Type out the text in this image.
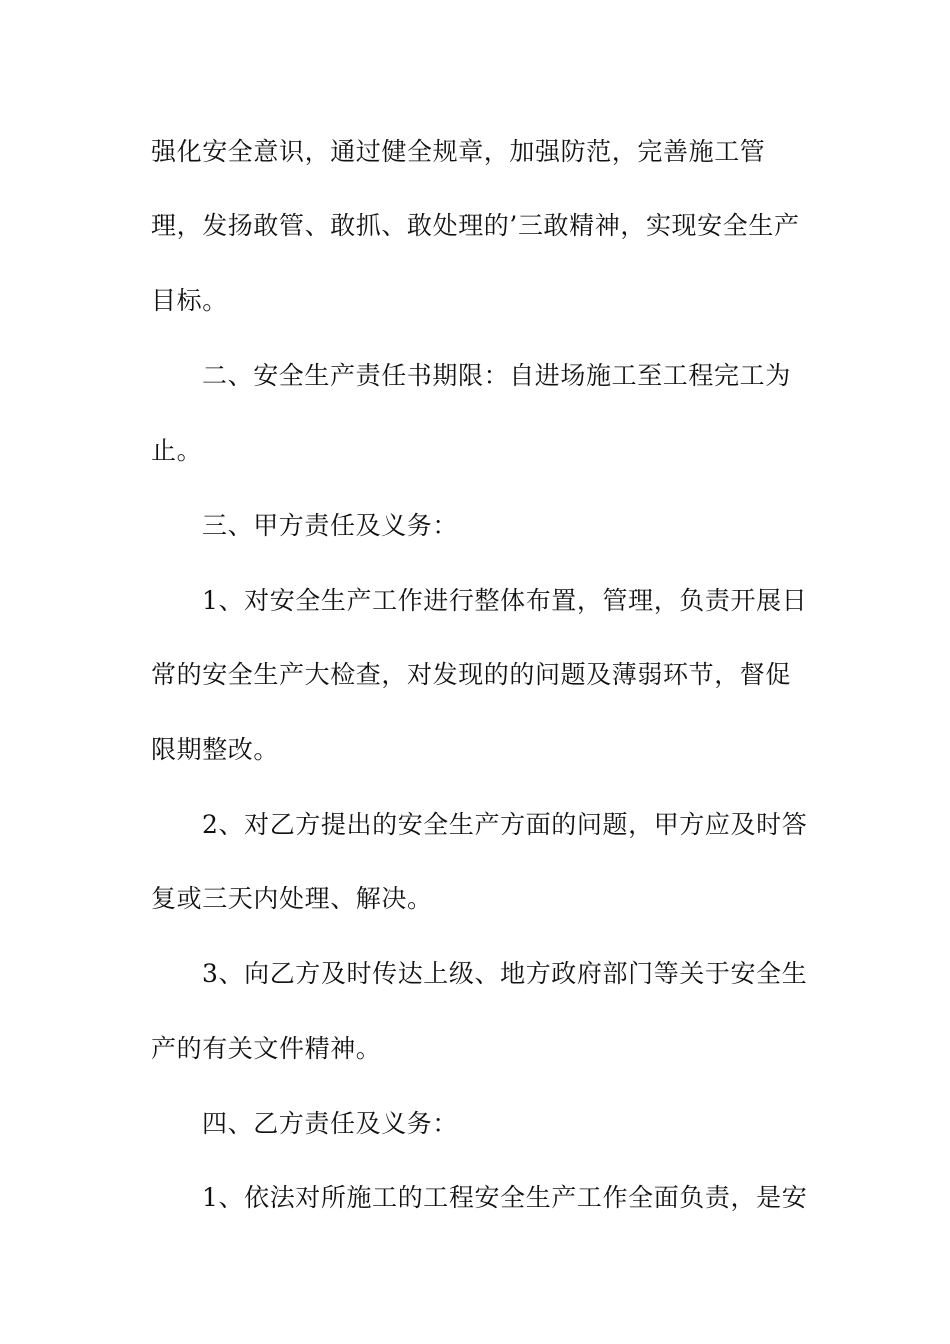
强化安全意识，通过健全规章，加强防范，完善施工管
理，发扬敢管、敢抓、敢处理的’三敢精神，实现安全生产
目标。
二、安全生产责任书期限：自进场施工至工程完工为
止。
三、甲方责任及义务：
1、对安全生产工作进行整体布置，管理，负责开展日
常的安全生产大检查，对发现的的问题及薄弱环节，督促
限期整改。
2、对乙方提出的安全生产方面的问题，甲方应及时答
复或三天内处理、解决。
3、向乙方及时传达上级、地方政府部门等关于安全生
产的有关文件精神。
四、乙方责任及义务：
1、依法对所施工的工程安全生产工作全面负责，是安
